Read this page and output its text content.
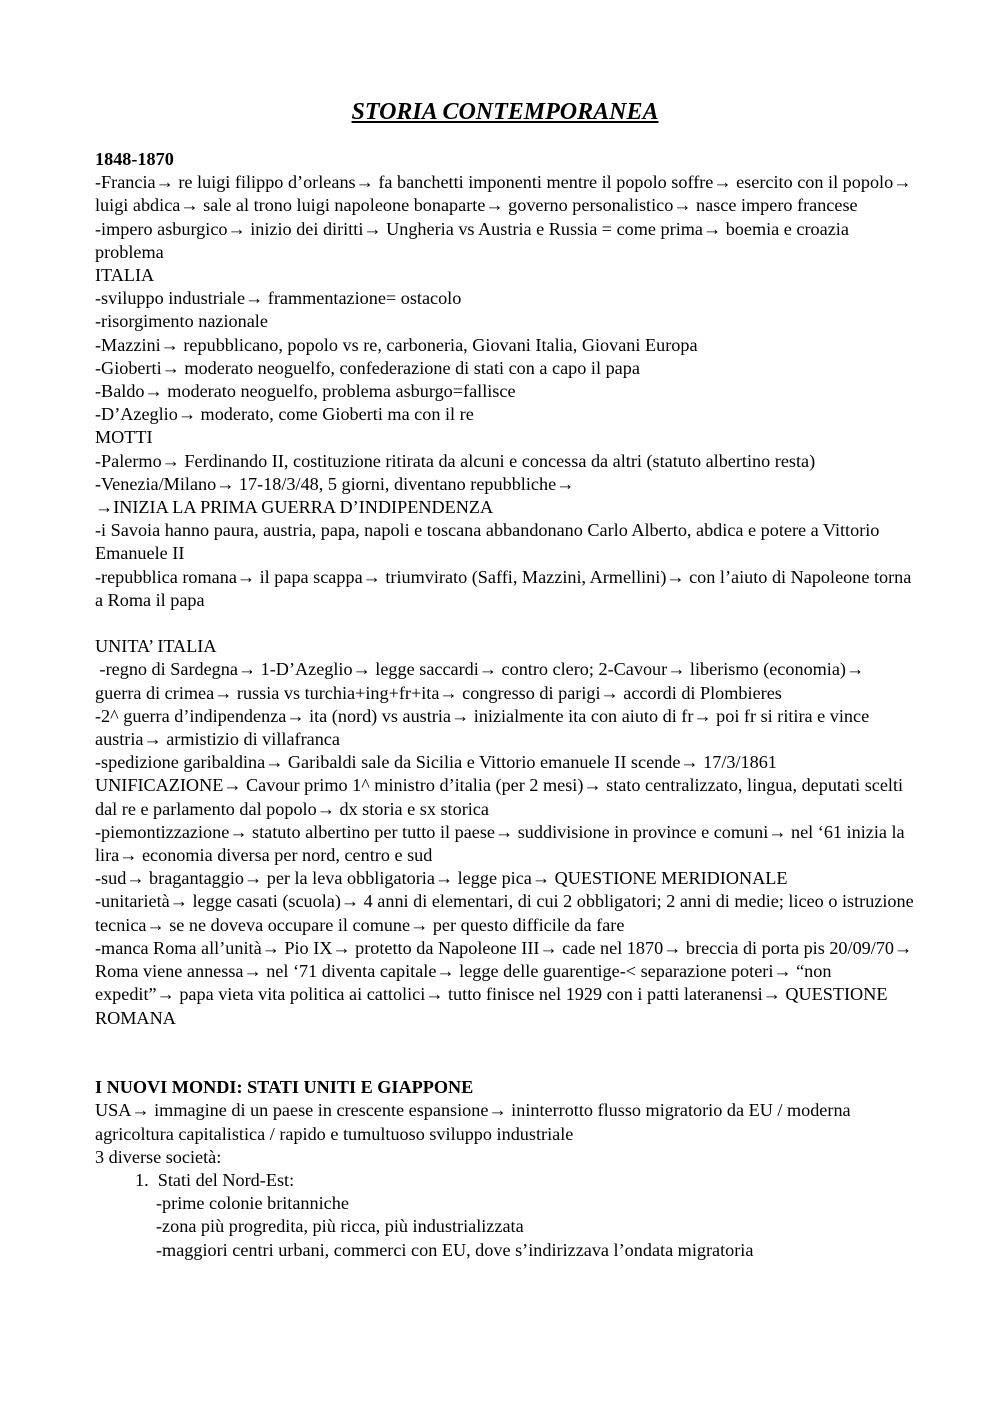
STORIA CONTEMPORANEA
1848-1870
-Francia→ re luigi filippo d’orleans→ fa banchetti imponenti mentre il popolo soffre→ esercito con il popolo→ luigi abdica→ sale al trono luigi napoleone bonaparte→ governo personalistico→ nasce impero francese
-impero asburgico→ inizio dei diritti→ Ungheria vs Austria e Russia = come prima→ boemia e croazia problema
ITALIA
-sviluppo industriale→ frammentazione= ostacolo
-risorgimento nazionale
-Mazzini→ repubblicano, popolo vs re, carboneria, Giovani Italia, Giovani Europa
-Gioberti→ moderato neoguelfo, confederazione di stati con a capo il papa
-Baldo→ moderato neoguelfo, problema asburgo=fallisce
-D’Azeglio→ moderato, come Gioberti ma con il re
MOTTI
-Palermo→ Ferdinando II, costituzione ritirata da alcuni e concessa da altri (statuto albertino resta)
-Venezia/Milano→ 17-18/3/48, 5 giorni, diventano repubbliche→
→INIZIA LA PRIMA GUERRA D’INDIPENDENZA
-i Savoia hanno paura, austria, papa, napoli e toscana abbandonano Carlo Alberto, abdica e potere a Vittorio Emanuele II
-repubblica romana→ il papa scappa→ triumvirato (Saffi, Mazzini, Armellini)→ con l’aiuto di Napoleone torna a Roma il papa
UNITA’ ITALIA
-regno di Sardegna→ 1-D’Azeglio→ legge saccardi→ contro clero; 2-Cavour→ liberismo (economia)→ guerra di crimea→ russia vs turchia+ing+fr+ita→ congresso di parigi→ accordi di Plombieres
-2^ guerra d’indipendenza→ ita (nord) vs austria→ inizialmente ita con aiuto di fr→ poi fr si ritira e vince austria→ armistizio di villafranca
-spedizione garibaldina→ Garibaldi sale da Sicilia e Vittorio emanuele II scende→ 17/3/1861
UNIFICAZIONE→ Cavour primo 1^ ministro d’italia (per 2 mesi)→ stato centralizzato, lingua, deputati scelti dal re e parlamento dal popolo→ dx storia e sx storica
-piemontizzazione→ statuto albertino per tutto il paese→ suddivisione in province e comuni→ nel ‘61 inizia la lira→ economia diversa per nord, centro e sud
-sud→ bragantaggio→ per la leva obbligatoria→ legge pica→ QUESTIONE MERIDIONALE
-unitarietà→ legge casati (scuola)→ 4 anni di elementari, di cui 2 obbligatori; 2 anni di medie; liceo o istruzione tecnica→ se ne doveva occupare il comune→ per questo difficile da fare
-manca Roma all’unità→ Pio IX→ protetto da Napoleone III→ cade nel 1870→ breccia di porta pis 20/09/70→ Roma viene annessa→ nel ‘71 diventa capitale→ legge delle guarentige-< separazione poteri→ “non expedit”→ papa vieta vita politica ai cattolici→ tutto finisce nel 1929 con i patti lateranensi→ QUESTIONE ROMANA
I NUOVI MONDI: STATI UNITI E GIAPPONE
USA→ immagine di un paese in crescente espansione→ ininterrotto flusso migratorio da EU / moderna agricoltura capitalistica / rapido e tumultuoso sviluppo industriale
3 diverse società:
1.  Stati del Nord-Est:
-prime colonie britanniche
-zona più progredita, più ricca, più industrializzata
-maggiori centri urbani, commerci con EU, dove s’indirizzava l’ondata migratoria
